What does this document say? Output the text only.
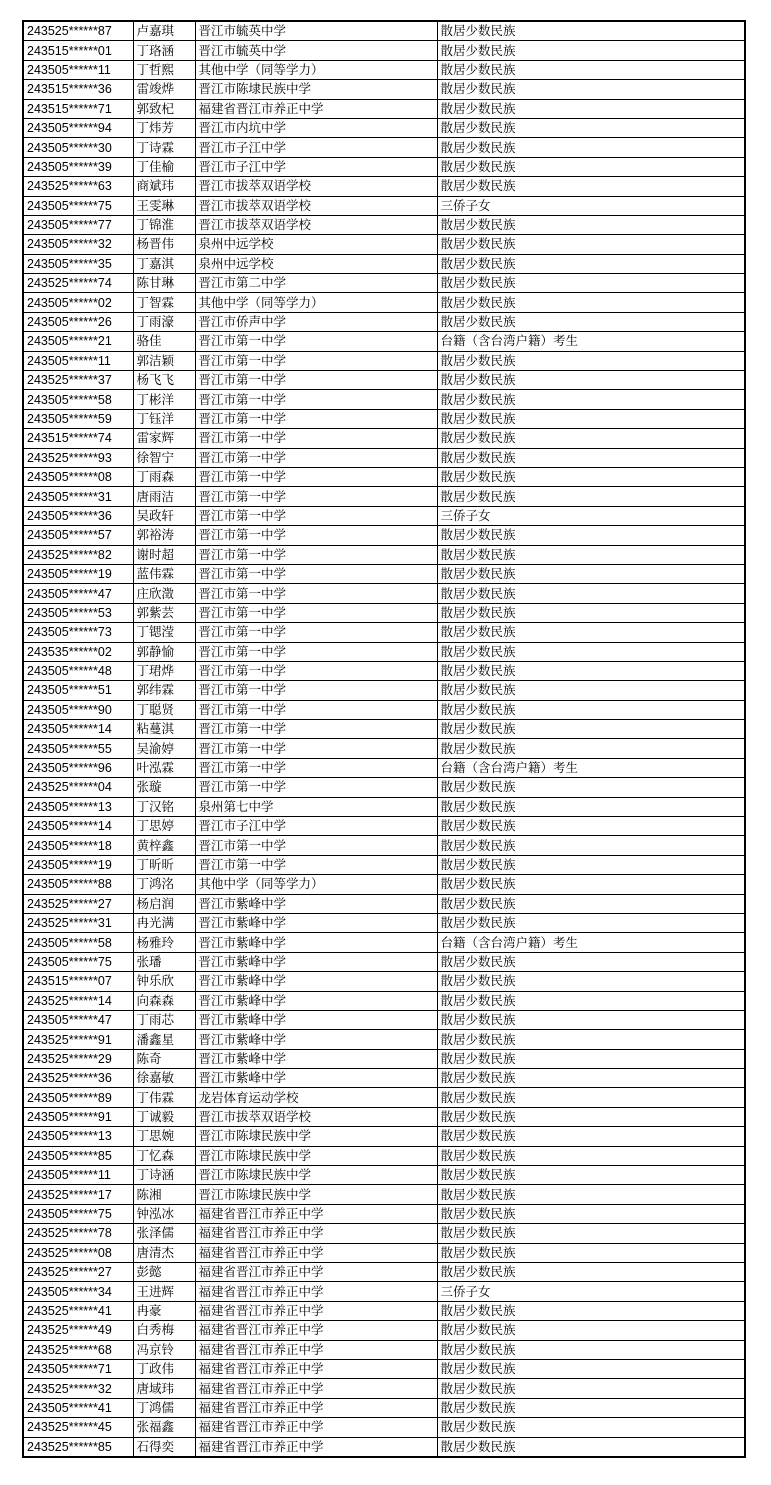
243525******87	卢嘉琪	晋江市毓英中学	散居少数民族
243515******01	丁珞涵	晋江市毓英中学	散居少数民族
243505******11	丁哲熙	其他中学（同等学力）	散居少数民族
243515******36	雷竣烨	晋江市陈埭民族中学	散居少数民族
243515******71	郭致杞	福建省晋江市养正中学	散居少数民族
243505******94	丁炜芳	晋江市内坑中学	散居少数民族
243505******30	丁诗霖	晋江市子江中学	散居少数民族
243505******39	丁佳榆	晋江市子江中学	散居少数民族
243525******63	商斌玮	晋江市拔萃双语学校	散居少数民族
243505******75	王雯琳	晋江市拔萃双语学校	三侨子女
243505******77	丁锦淮	晋江市拔萃双语学校	散居少数民族
243505******32	杨晋伟	泉州中远学校	散居少数民族
243505******35	丁嘉淇	泉州中远学校	散居少数民族
243525******74	陈甘琳	晋江市第二中学	散居少数民族
243505******02	丁智霖	其他中学（同等学力）	散居少数民族
243505******26	丁雨濠	晋江市侨声中学	散居少数民族
243505******21	骆佳	晋江市第一中学	台籍（含台湾户籍）考生
243505******11	郭洁颖	晋江市第一中学	散居少数民族
243525******37	杨飞飞	晋江市第一中学	散居少数民族
243505******58	丁彬洋	晋江市第一中学	散居少数民族
243505******59	丁钰洋	晋江市第一中学	散居少数民族
243515******74	雷家辉	晋江市第一中学	散居少数民族
243525******93	徐智宁	晋江市第一中学	散居少数民族
243505******08	丁雨森	晋江市第一中学	散居少数民族
243505******31	唐雨洁	晋江市第一中学	散居少数民族
243505******36	吴政轩	晋江市第一中学	三侨子女
243505******57	郭裕涛	晋江市第一中学	散居少数民族
243525******82	谢时超	晋江市第一中学	散居少数民族
243505******19	蓝伟霖	晋江市第一中学	散居少数民族
243505******47	庄欣澂	晋江市第一中学	散居少数民族
243505******53	郭紫芸	晋江市第一中学	散居少数民族
243505******73	丁锶滢	晋江市第一中学	散居少数民族
243535******02	郭静愉	晋江市第一中学	散居少数民族
243505******48	丁珺烨	晋江市第一中学	散居少数民族
243505******51	郭纬霖	晋江市第一中学	散居少数民族
243505******90	丁聪贤	晋江市第一中学	散居少数民族
243505******14	粘蔓淇	晋江市第一中学	散居少数民族
243505******55	吴渝婷	晋江市第一中学	散居少数民族
243505******96	叶泓霖	晋江市第一中学	台籍（含台湾户籍）考生
243525******04	张璇	晋江市第一中学	散居少数民族
243505******13	丁汉铭	泉州第七中学	散居少数民族
243505******14	丁思婷	晋江市子江中学	散居少数民族
243505******18	黄梓鑫	晋江市第一中学	散居少数民族
243505******19	丁昕昕	晋江市第一中学	散居少数民族
243505******88	丁鸿洺	其他中学（同等学力）	散居少数民族
243525******27	杨启润	晋江市紫峰中学	散居少数民族
243525******31	冉光满	晋江市紫峰中学	散居少数民族
243505******58	杨雅玲	晋江市紫峰中学	台籍（含台湾户籍）考生
243505******75	张璠	晋江市紫峰中学	散居少数民族
243515******07	钟乐欣	晋江市紫峰中学	散居少数民族
243525******14	向森森	晋江市紫峰中学	散居少数民族
243505******47	丁雨芯	晋江市紫峰中学	散居少数民族
243525******91	潘鑫星	晋江市紫峰中学	散居少数民族
243525******29	陈奇	晋江市紫峰中学	散居少数民族
243525******36	徐嘉敏	晋江市紫峰中学	散居少数民族
243505******89	丁伟霖	龙岩体育运动学校	散居少数民族
243505******91	丁诚毅	晋江市拔萃双语学校	散居少数民族
243505******13	丁思婉	晋江市陈埭民族中学	散居少数民族
243505******85	丁忆森	晋江市陈埭民族中学	散居少数民族
243505******11	丁诗涵	晋江市陈埭民族中学	散居少数民族
243525******17	陈湘	晋江市陈埭民族中学	散居少数民族
243505******75	钟泓冰	福建省晋江市养正中学	散居少数民族
243525******78	张泽儒	福建省晋江市养正中学	散居少数民族
243525******08	唐清杰	福建省晋江市养正中学	散居少数民族
243525******27	彭懿	福建省晋江市养正中学	散居少数民族
243505******34	王进辉	福建省晋江市养正中学	三侨子女
243525******41	冉豪	福建省晋江市养正中学	散居少数民族
243525******49	白秀梅	福建省晋江市养正中学	散居少数民族
243525******68	冯京铃	福建省晋江市养正中学	散居少数民族
243505******71	丁政伟	福建省晋江市养正中学	散居少数民族
243525******32	唐域玮	福建省晋江市养正中学	散居少数民族
243505******41	丁鸿儒	福建省晋江市养正中学	散居少数民族
243525******45	张福鑫	福建省晋江市养正中学	散居少数民族
243525******85	石得奕	福建省晋江市养正中学	散居少数民族
